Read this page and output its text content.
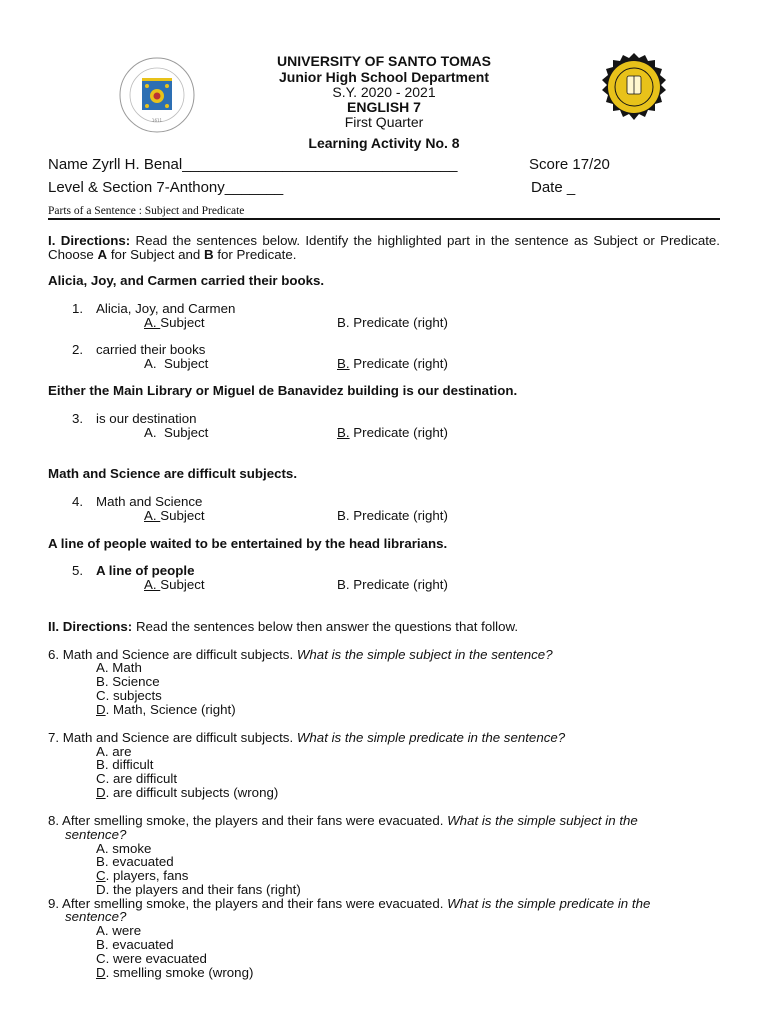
1611
UNIVERSITY OF SANTO TOMAS
Junior High School Department
S.Y. 2020 - 2021
ENGLISH 7
First Quarter
Learning Activity No. 8
Name Zyrll H. Benal_________________________________	Score 17/20
Level & Section 7-Anthony_______	Date _
Parts of a Sentence : Subject and Predicate
I. Directions: Read the sentences below. Identify the highlighted part in the sentence as Subject or Predicate. Choose A for Subject and B for Predicate.
Alicia, Joy, and Carmen carried their books.
1. Alicia, Joy, and Carmen
A. Subject	B. Predicate (right)
2. carried their books
A. Subject	B. Predicate (right)
Either the Main Library or Miguel de Banavidez building is our destination.
3. is our destination
A. Subject	B. Predicate (right)
Math and Science are difficult subjects.
4. Math and Science
A. Subject	B. Predicate (right)
A line of people waited to be entertained by the head librarians.
5. A line of people
A. Subject	B. Predicate (right)
II. Directions: Read the sentences below then answer the questions that follow.
6. Math and Science are difficult subjects. What is the simple subject in the sentence?
A. Math
B. Science
C. subjects
D. Math, Science (right)
7. Math and Science are difficult subjects. What is the simple predicate in the sentence?
A. are
B. difficult
C. are difficult
D. are difficult subjects (wrong)
8. After smelling smoke, the players and their fans were evacuated. What is the simple subject in the
sentence?
A. smoke
B. evacuated
C. players, fans
D. the players and their fans (right)
9. After smelling smoke, the players and their fans were evacuated. What is the simple predicate in the
sentence?
A. were
B. evacuated
C. were evacuated
D. smelling smoke (wrong)
